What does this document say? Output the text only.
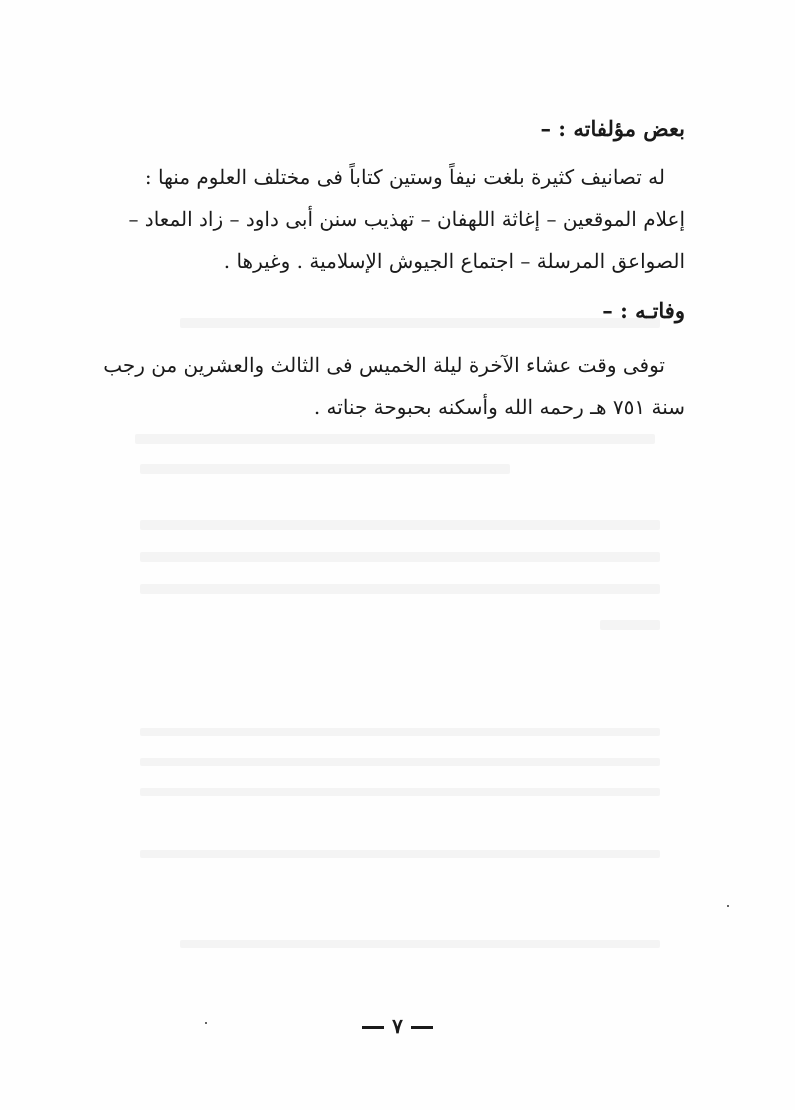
بعض مؤلفاته : –
له تصانيف كثيرة بلغت نيفاً وستين كتاباً فى مختلف العلوم منها :
إعلام الموقعين – إغاثة اللهفان – تهذيب سنن أبى داود – زاد المعاد –
الصواعق المرسلة – اجتماع الجيوش الإسلامية . وغيرها .
وفاتـه : –
توفى وقت عشاء الآخرة ليلة الخميس فى الثالث والعشرين من رجب
سنة ٧٥١ هـ رحمه الله وأسكنه بحبوحة جناته .
٧
